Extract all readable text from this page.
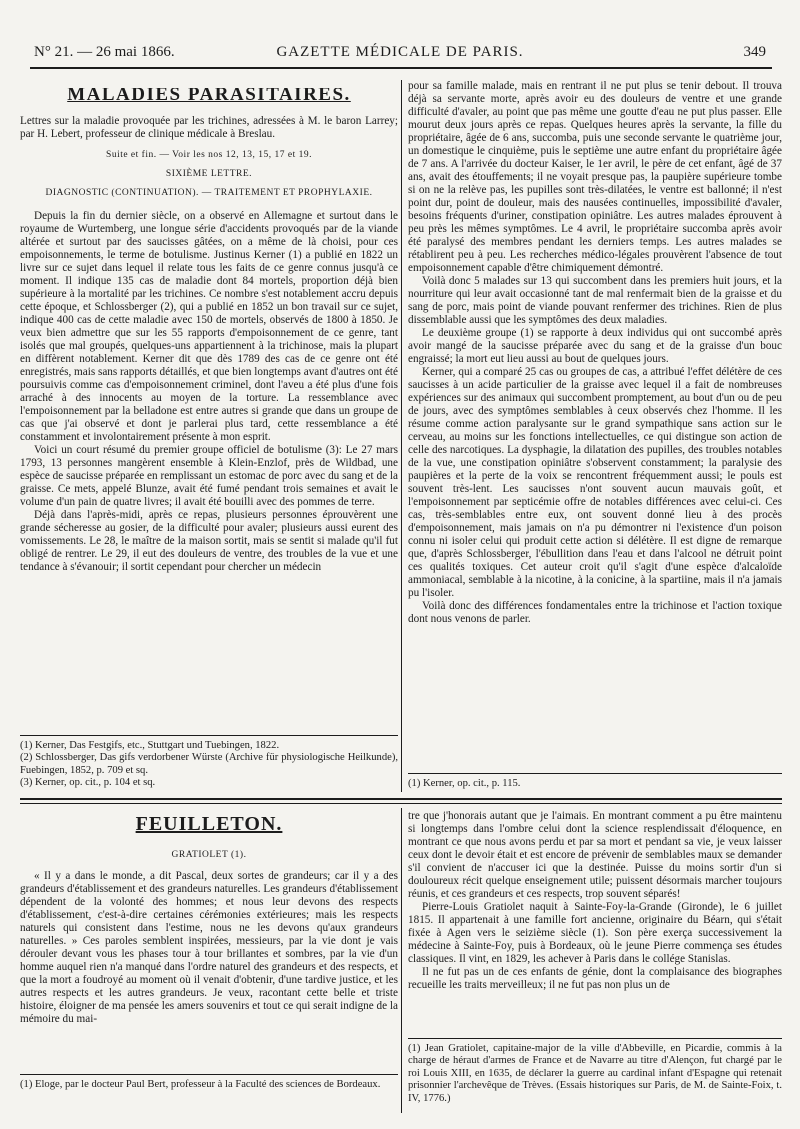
N° 21. — 26 mai 1866.	GAZETTE MÉDICALE DE PARIS.	349
MALADIES PARASITAIRES.

Lettres sur la maladie provoquée par les trichines, adressées à M. le baron Larrey; par H. Lebert, professeur de clinique médicale à Breslau.

Suite et fin. — Voir les nos 12, 13, 15, 17 et 19.
SIXIÈME LETTRE.
DIAGNOSTIC (CONTINUATION). — TRAITEMENT ET PROPHYLAXIE.

Depuis la fin du dernier siècle, on a observé en Allemagne et surtout dans le royaume de Wurtemberg, une longue série d'accidents provoqués par de la viande altérée et surtout par des saucisses gâtées, on a même de là choisi, pour ces empoisonnements, le terme de botulisme. Justinus Kerner (1) a publié en 1822 un livre sur ce sujet dans lequel il relate tous les faits de ce genre connus jusqu'à ce moment. Il indique 135 cas de maladie dont 84 mortels, proportion déjà bien supérieure à la mortalité par les trichines. Ce nombre s'est notablement accru depuis cette époque, et Schlossberger (2), qui a publié en 1852 un bon travail sur ce sujet, indique 400 cas de cette maladie avec 150 de mortels, observés de 1800 à 1850. Je veux bien admettre que sur les 55 rapports d'empoisonnement de ce genre, tant isolés que mal groupés, quelques-uns appartiennent à la trichinose, mais la plupart en diffèrent notablement. Kerner dit que dès 1789 des cas de ce genre ont été enregistrés, mais sans rapports détaillés, et que bien longtemps avant d'autres ont été poursuivis comme cas d'empoisonnement criminel, dont l'aveu a été plus d'une fois arraché à des innocents au moyen de la torture. La ressemblance avec l'empoisonnement par la belladone est entre autres si grande que dans un groupe de cas que j'ai observé et dont je parlerai plus tard, cette ressemblance a été constamment et involontairement présente à mon esprit.

Voici un court résumé du premier groupe officiel de botulisme (3): Le 27 mars 1793, 13 personnes mangèrent ensemble à Klein-Enzlof, près de Wildbad, une espèce de saucisse préparée en remplissant un estomac de porc avec du sang et de la graisse. Ce mets, appelé Blunze, avait été fumé pendant trois semaines et avait le volume d'un pain de quatre livres; il avait été bouilli avec des pommes de terre.

Déjà dans l'après-midi, après ce repas, plusieurs personnes éprouvèrent une grande sécheresse au gosier, de la difficulté pour avaler; plusieurs aussi eurent des vomissements. Le 28, le maître de la maison sortit, mais se sentit si malade qu'il fut obligé de rentrer. Le 29, il eut des douleurs de ventre, des troubles de la vue et une tendance à s'évanouir; il sortit cependant pour chercher un médecin

(1) Kerner, Das Festgifs, etc., Stuttgart und Tuebingen, 1822.

(2) Schlossberger, Das gifs verdorbener Würste (Archive für physiologische Heilkunde), Fuebingen, 1852, p. 709 et sq.

(3) Kerner, op. cit., p. 104 et sq.

pour sa famille malade, mais en rentrant il ne put plus se tenir debout. Il trouva déjà sa servante morte, après avoir eu des douleurs de ventre et une grande difficulté d'avaler, au point que pas même une goutte d'eau ne put plus passer. Elle mourut deux jours après ce repas. Quelques heures après la servante, la fille du propriétaire, âgée de 6 ans, succomba, puis une seconde servante le quatrième jour, un domestique le cinquième, puis le septième une autre enfant du propriétaire âgée de 7 ans. A l'arrivée du docteur Kaiser, le 1er avril, le père de cet enfant, âgé de 37 ans, avait des étouffements; il ne voyait presque pas, la paupière supérieure tombe si on ne la relève pas, les pupilles sont très-dilatées, le ventre est ballonné; il n'est point dur, point de douleur, mais des nausées continuelles, impossibilité d'avaler, besoins fréquents d'uriner, constipation opiniâtre. Les autres malades éprouvent à peu près les mêmes symptômes. Le 4 avril, le propriétaire succomba après avoir été paralysé des membres pendant les derniers temps. Les autres malades se rétablirent peu à peu. Les recherches médico-légales prouvèrent l'absence de tout empoisonnement capable d'être chimiquement démontré.

Voilà donc 5 malades sur 13 qui succombent dans les premiers huit jours, et la nourriture qui leur avait occasionné tant de mal renfermait bien de la graisse et du sang de porc, mais point de viande pouvant renfermer des trichines. Rien de plus dissemblable aussi que les symptômes des deux maladies.

Le deuxième groupe (1) se rapporte à deux individus qui ont succombé après avoir mangé de la saucisse préparée avec du sang et de la graisse d'un bouc engraissé; la mort eut lieu aussi au bout de quelques jours.

Kerner, qui a comparé 25 cas ou groupes de cas, a attribué l'effet délétère de ces saucisses à un acide particulier de la graisse avec lequel il a fait de nombreuses expériences sur des animaux qui succombent promptement, au bout d'un ou de peu de jours, avec des symptômes semblables à ceux observés chez l'homme. Il les résume comme action paralysante sur le grand sympathique sans action sur le cerveau, au moins sur les fonctions intellectuelles, ce qui distingue son action de celle des narcotiques. La dysphagie, la dilatation des pupilles, des troubles notables de la vue, une constipation opiniâtre s'observent constamment; la paralysie des paupières et la perte de la voix se rencontrent fréquemment aussi; le pouls est souvent très-lent. Les saucisses n'ont souvent aucun mauvais goût, et l'empoisonnement par septicémie offre de notables différences avec celui-ci. Ces cas, très-semblables entre eux, ont souvent donné lieu à des procès d'empoisonnement, mais jamais on n'a pu démontrer ni l'existence d'un poison connu ni isoler celui qui produit cette action si délétère. Il est digne de remarque que, d'après Schlossberger, l'ébullition dans l'eau et dans l'alcool ne détruit point ces qualités toxiques. Cet auteur croit qu'il s'agit d'une espèce d'alcaloïde ammoniacal, semblable à la nicotine, à la conicine, à la spartiine, mais il n'a jamais pu l'isoler.

Voilà donc des différences fondamentales entre la trichinose et l'action toxique dont nous venons de parler.

(1) Kerner, op. cit., p. 115.

FEUILLETON.
GRATIOLET (1).

« Il y a dans le monde, a dit Pascal, deux sortes de grandeurs; car il y a des grandeurs d'établissement et des grandeurs naturelles. Les grandeurs d'établissement dépendent de la volonté des hommes; et nous leur devons des respects d'établissement, c'est-à-dire certaines cérémonies extérieures; mais les respects naturels qui consistent dans l'estime, nous ne les devons qu'aux grandeurs naturelles. » Ces paroles semblent inspirées, messieurs, par la vie dont je vais dérouler devant vous les phases tour à tour brillantes et sombres, par la vie d'un homme auquel rien n'a manqué dans l'ordre naturel des grandeurs et des respects, et que la mort a foudroyé au moment où il venait d'obtenir, d'une tardive justice, et les autres respects et les autres grandeurs. Je veux, racontant cette belle et triste histoire, éloigner de ma pensée les amers souvenirs et tout ce qui serait indigne de la mémoire du mai-

(1) Eloge, par le docteur Paul Bert, professeur à la Faculté des sciences de Bordeaux.

tre que j'honorais autant que je l'aimais. En montrant comment a pu être maintenu si longtemps dans l'ombre celui dont la science resplendissait d'éloquence, en montrant ce que nous avons perdu et par sa mort et pendant sa vie, je veux laisser ceux dont le devoir était et est encore de prévenir de semblables maux se demander s'il convient de n'accuser ici que la destinée. Puisse du moins sortir d'un si douloureux récit quelque enseignement utile; puissent désormais marcher toujours réunis, et ces grandeurs et ces respects, trop souvent séparés!

Pierre-Louis Gratiolet naquit à Sainte-Foy-la-Grande (Gironde), le 6 juillet 1815. Il appartenait à une famille fort ancienne, originaire du Béarn, qui s'était fixée à Agen vers le seizième siècle (1). Son père exerça successivement la médecine à Sainte-Foy, puis à Bordeaux, où le jeune Pierre commença ses études classiques. Il vint, en 1829, les achever à Paris dans le collége Stanislas.

Il ne fut pas un de ces enfants de génie, dont la complaisance des biographes recueille les traits merveilleux; il ne fut pas non plus un de

(1) Jean Gratiolet, capitaine-major de la ville d'Abbeville, en Picardie, commis à la charge de héraut d'armes de France et de Navarre au titre d'Alençon, fut chargé par le roi Louis XIII, en 1635, de déclarer la guerre au cardinal infant d'Espagne qui retenait prisonnier l'archevêque de Trèves. (Essais historiques sur Paris, de M. de Sainte-Foix, t. IV, 1776.)
